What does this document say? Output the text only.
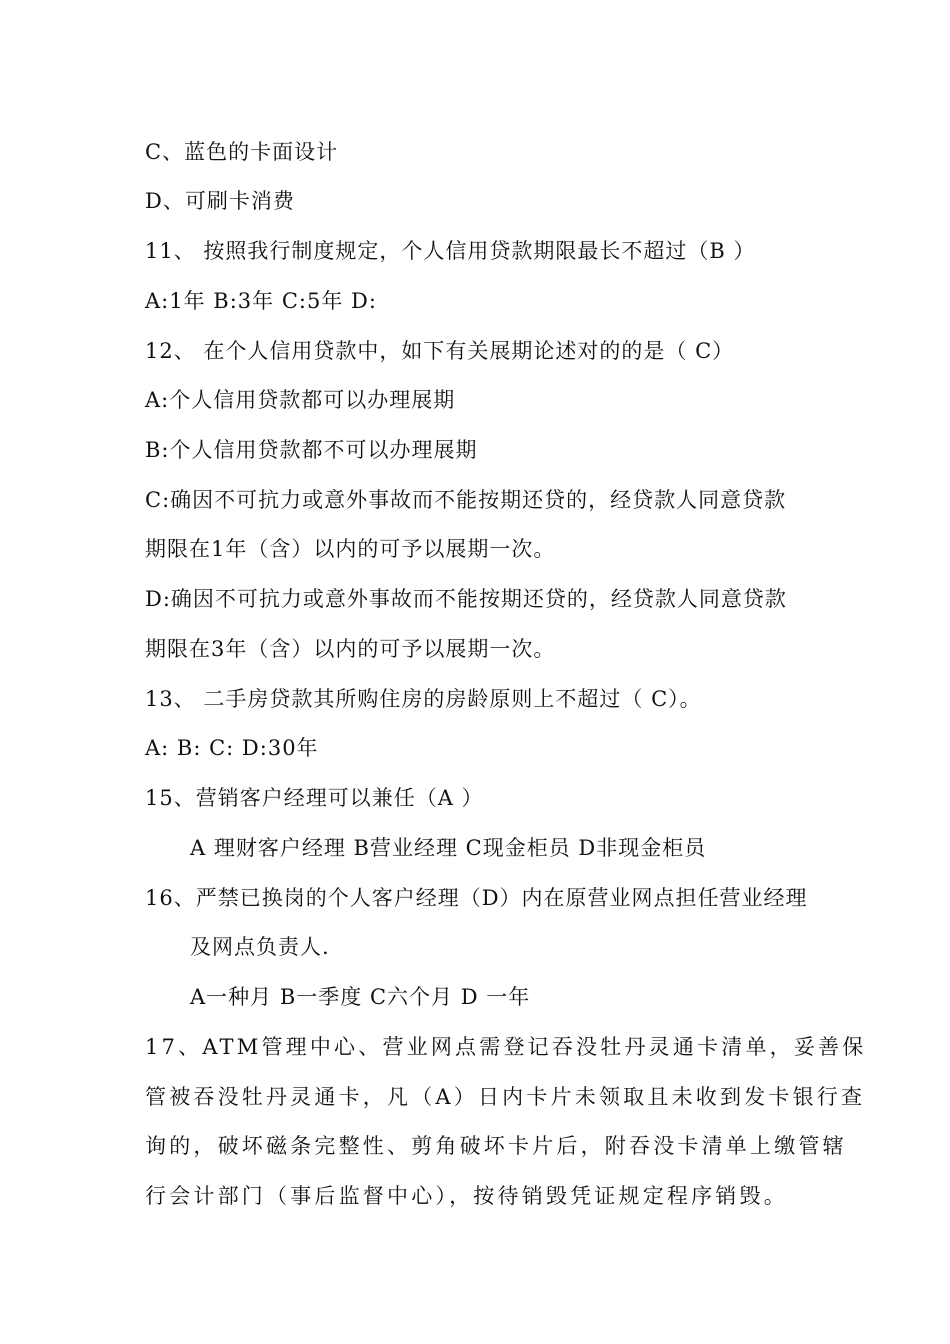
C、蓝色的卡面设计
D、可刷卡消费
11、 按照我行制度规定，个人信用贷款期限最长不超过（B ）
A:1年 B:3年 C:5年 D:
12、 在个人信用贷款中，如下有关展期论述对的的是（ C）
A:个人信用贷款都可以办理展期
B:个人信用贷款都不可以办理展期
C:确因不可抗力或意外事故而不能按期还贷的，经贷款人同意贷款
期限在1年（含）以内的可予以展期一次。
D:确因不可抗力或意外事故而不能按期还贷的，经贷款人同意贷款
期限在3年（含）以内的可予以展期一次。
13、 二手房贷款其所购住房的房龄原则上不超过（ C）。
A: B: C: D:30年
15、营销客户经理可以兼任（A ）
A 理财客户经理 B营业经理 C现金柜员 D非现金柜员
16、严禁已换岗的个人客户经理（D）内在原营业网点担任营业经理
及网点负责人.
A一种月 B一季度 C六个月 D 一年
17、ATM管理中心、营业网点需登记吞没牡丹灵通卡清单，妥善保
管被吞没牡丹灵通卡，凡（A）日内卡片未领取且未收到发卡银行查
询的，破坏磁条完整性、剪角破坏卡片后，附吞没卡清单上缴管辖
行会计部门（事后监督中心），按待销毁凭证规定程序销毁。
